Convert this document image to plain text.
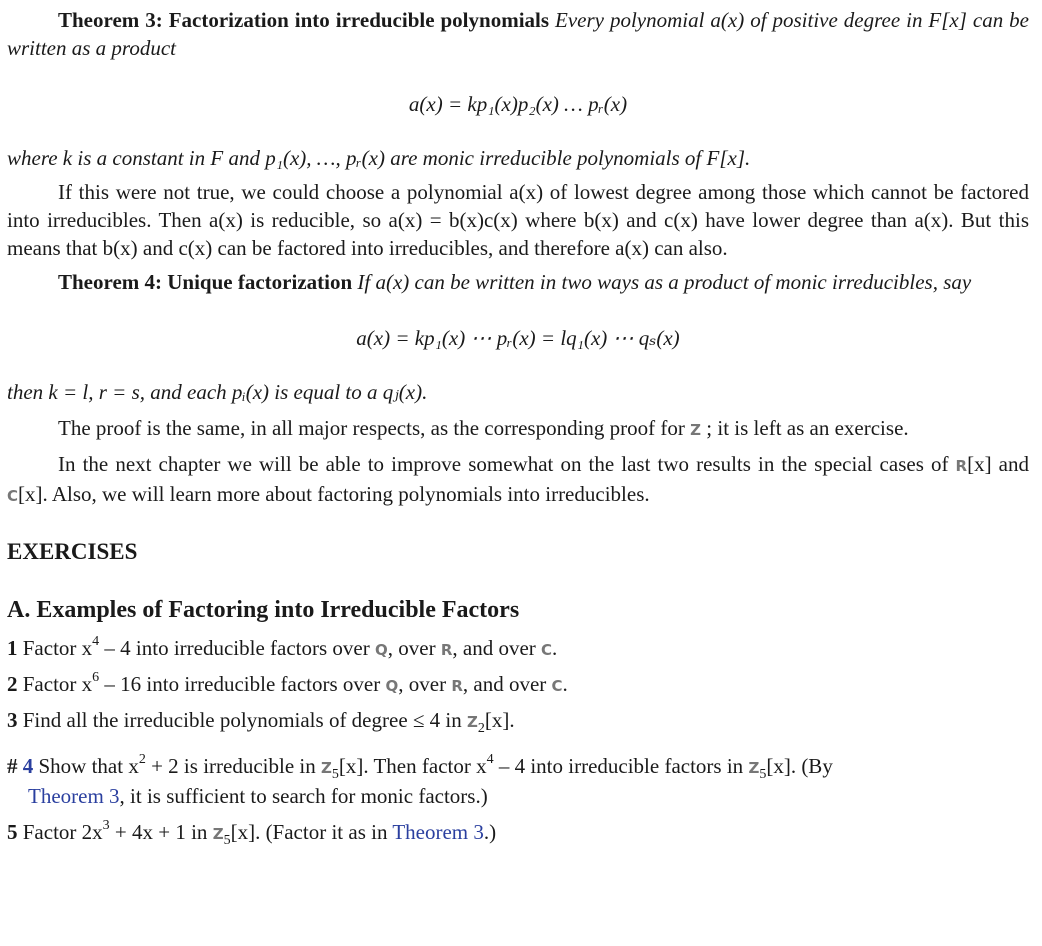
Theorem 3: Factorization into irreducible polynomials Every polynomial a(x) of positive degree in F[x] can be written as a product

a(x) = kp₁(x)p₂(x) … pᵣ(x)

where k is a constant in F and p₁(x), …, pᵣ(x) are monic irreducible polynomials of F[x].

If this were not true, we could choose a polynomial a(x) of lowest degree among those which cannot be factored into irreducibles. Then a(x) is reducible, so a(x) = b(x)c(x) where b(x) and c(x) have lower degree than a(x). But this means that b(x) and c(x) can be factored into irreducibles, and therefore a(x) can also.

Theorem 4: Unique factorization If a(x) can be written in two ways as a product of monic irreducibles, say

a(x) = kp₁(x) ⋯ pᵣ(x) = lq₁(x) ⋯ qₛ(x)

then k = l, r = s, and each pᵢ(x) is equal to a qⱼ(x).

The proof is the same, in all major respects, as the corresponding proof for Z ; it is left as an exercise.

In the next chapter we will be able to improve somewhat on the last two results in the special cases of R[x] and C[x]. Also, we will learn more about factoring polynomials into irreducibles.

EXERCISES
A. Examples of Factoring into Irreducible Factors

1 Factor $x^4 - 4$ into irreducible factors over Q, over R, and over C.

2 Factor $x^6 - 16$ into irreducible factors over Q, over R, and over C.

3 Find all the irreducible polynomials of degree ≤ 4 in $Z_2[x]$.

# 4 Show that $x^2 + 2$ is irreducible in $Z_5[x]$. Then factor $x^4 - 4$ into irreducible factors in $Z_5[x]$. (By

Theorem 3, it is sufficient to search for monic factors.)

5 Factor $2x^3 + 4x + 1$ in $Z_5[x]$. (Factor it as in Theorem 3.)
